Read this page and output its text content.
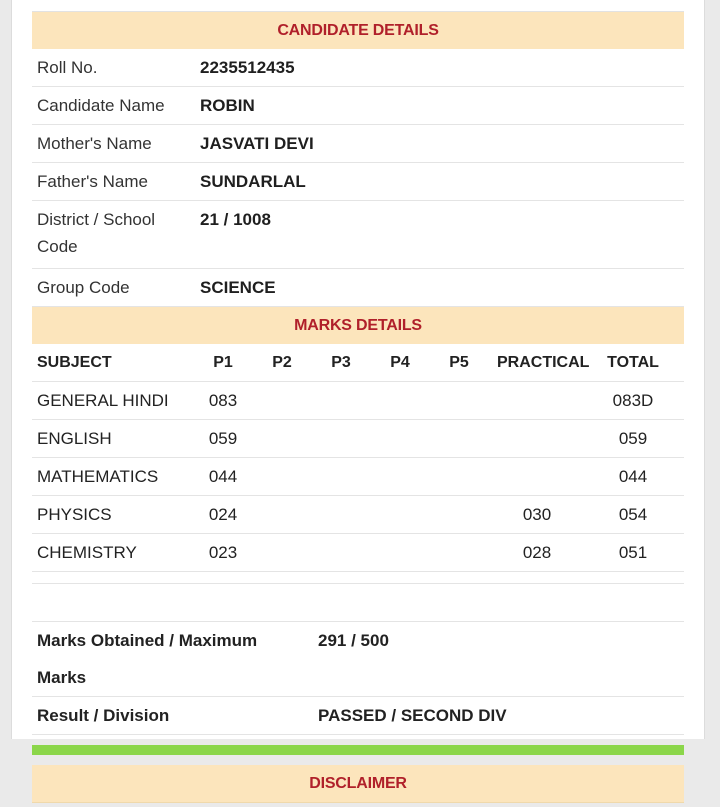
CANDIDATE DETAILS
Roll No.	2235512435
Candidate Name	ROBIN
Mother's Name	JASVATI DEVI
Father's Name	SUNDARLAL
District / School Code	21 / 1008
Group Code	SCIENCE
MARKS DETAILS
SUBJECT	P1	P2	P3	P4	P5	PRACTICAL	TOTAL
GENERAL HINDI	083						083D
ENGLISH	059						059
MATHEMATICS	044						044
PHYSICS	024					030	054
CHEMISTRY	023					028	051
Marks Obtained / Maximum Marks	291 / 500
Result / Division	PASSED / SECOND DIV
DISCLAIMER
